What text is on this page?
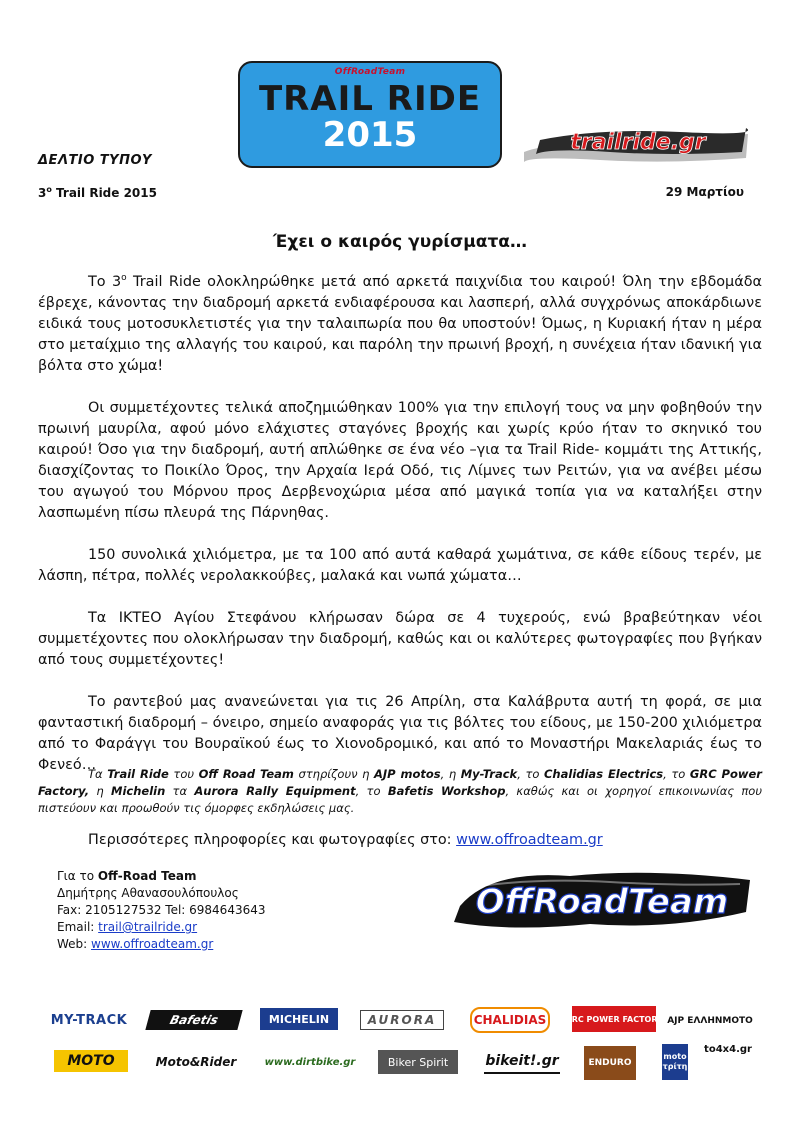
OffRoadTeam
TRAIL RIDE
2015	trailride.gr
ΔΕΛΤΙΟ ΤΥΠΟΥ
3$^o$ Trail Ride 2015	29 Μαρτίου
Έχει ο καιρός γυρίσματα…

Το $3^o$ Trail Ride ολοκληρώθηκε μετά από αρκετά παιχνίδια του καιρού! Όλη την εβδομάδα έβρεχε, κάνοντας την διαδρομή αρκετά ενδιαφέρουσα και λασπερή, αλλά συγχρόνως αποκάρδιωνε ειδικά τους μοτοσυκλετιστές για την ταλαιπωρία που θα υποστούν! Όμως, η Κυριακή ήταν η μέρα στο μεταίχμιο της αλλαγής του καιρού, και παρόλη την πρωινή βροχή, η συνέχεια ήταν ιδανική για βόλτα στο χώμα!

Οι συμμετέχοντες τελικά αποζημιώθηκαν 100% για την επιλογή τους να μην φοβηθούν την πρωινή μαυρίλα, αφού μόνο ελάχιστες σταγόνες βροχής και χωρίς κρύο ήταν το σκηνικό του καιρού! Όσο για την διαδρομή, αυτή απλώθηκε σε ένα νέο –για τα Trail Ride- κομμάτι της Αττικής, διασχίζοντας το Ποικίλο Όρος, την Αρχαία Ιερά Οδό, τις Λίμνες των Ρειτών, για να ανέβει μέσω του αγωγού του Μόρνου προς Δερβενοχώρια μέσα από μαγικά τοπία για να καταλήξει στην λασπωμένη πίσω πλευρά της Πάρνηθας.

150 συνολικά χιλιόμετρα, με τα 100 από αυτά καθαρά χωμάτινα, σε κάθε είδους τερέν, με λάσπη, πέτρα, πολλές νερολακκούβες, μαλακά και νωπά χώματα…

Τα ΙΚΤΕΟ Αγίου Στεφάνου κλήρωσαν δώρα σε 4 τυχερούς, ενώ βραβεύτηκαν νέοι συμμετέχοντες που ολοκλήρωσαν την διαδρομή, καθώς και οι καλύτερες φωτογραφίες που βγήκαν από τους συμμετέχοντες!

Το ραντεβού μας ανανεώνεται για τις 26 Απρίλη, στα Καλάβρυτα αυτή τη φορά, σε μια φανταστική διαδρομή – όνειρο, σημείο αναφοράς για τις βόλτες του είδους, με 150-200 χιλιόμετρα από το Φαράγγι του Βουραϊκού έως το Χιονοδρομικό, και από το Μοναστήρι Μακελαριάς έως το Φενεό…

Τα Trail Ride του Off Road Team στηρίζουν η AJP motos, η My-Track, το Chalidias Electrics, το GRC Power Factory, η Michelin τα Aurora Rally Equipment, το Bafetis Workshop, καθώς και οι χορηγοί επικοινωνίας που πιστεύουν και προωθούν τις όμορφες εκδηλώσεις μας.
Περισσότερες πληροφορίες και φωτογραφίες στο: www.offroadteam.gr
Για το Off-Road Team
Δημήτρης Αθανασουλόπουλος
Fax: 2105127532 Tel: 6984643643
Email: trail@trailride.gr
Web: www.offroadteam.gr
OffRoadTeam
MY-TRACK	Bafetis	MICHELIN	AURORA	CHALIDIAS	GRC POWER FACTORY AJP ΕΛΛΗΝΜΟΤΟ
MOTO	Moto&Rider	www.dirtbike.gr	Biker Spirit	bikeit!.gr	ENDURO
moto τρίτη
to4x4.gr
